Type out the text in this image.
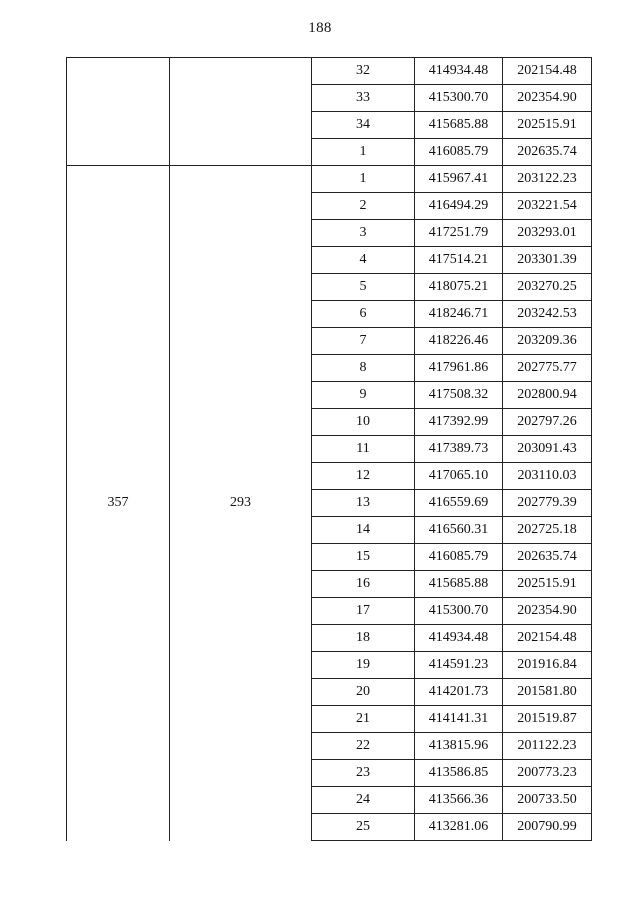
188
		32	414934.48	202154.48
		33	415300.70	202354.90
		34	415685.88	202515.91
		1	416085.79	202635.74
357	293	1	415967.41	203122.23
		2	416494.29	203221.54
		3	417251.79	203293.01
		4	417514.21	203301.39
		5	418075.21	203270.25
		6	418246.71	203242.53
		7	418226.46	203209.36
		8	417961.86	202775.77
		9	417508.32	202800.94
		10	417392.99	202797.26
		11	417389.73	203091.43
		12	417065.10	203110.03
		13	416559.69	202779.39
		14	416560.31	202725.18
		15	416085.79	202635.74
		16	415685.88	202515.91
		17	415300.70	202354.90
		18	414934.48	202154.48
		19	414591.23	201916.84
		20	414201.73	201581.80
		21	414141.31	201519.87
		22	413815.96	201122.23
		23	413586.85	200773.23
		24	413566.36	200733.50
		25	413281.06	200790.99
